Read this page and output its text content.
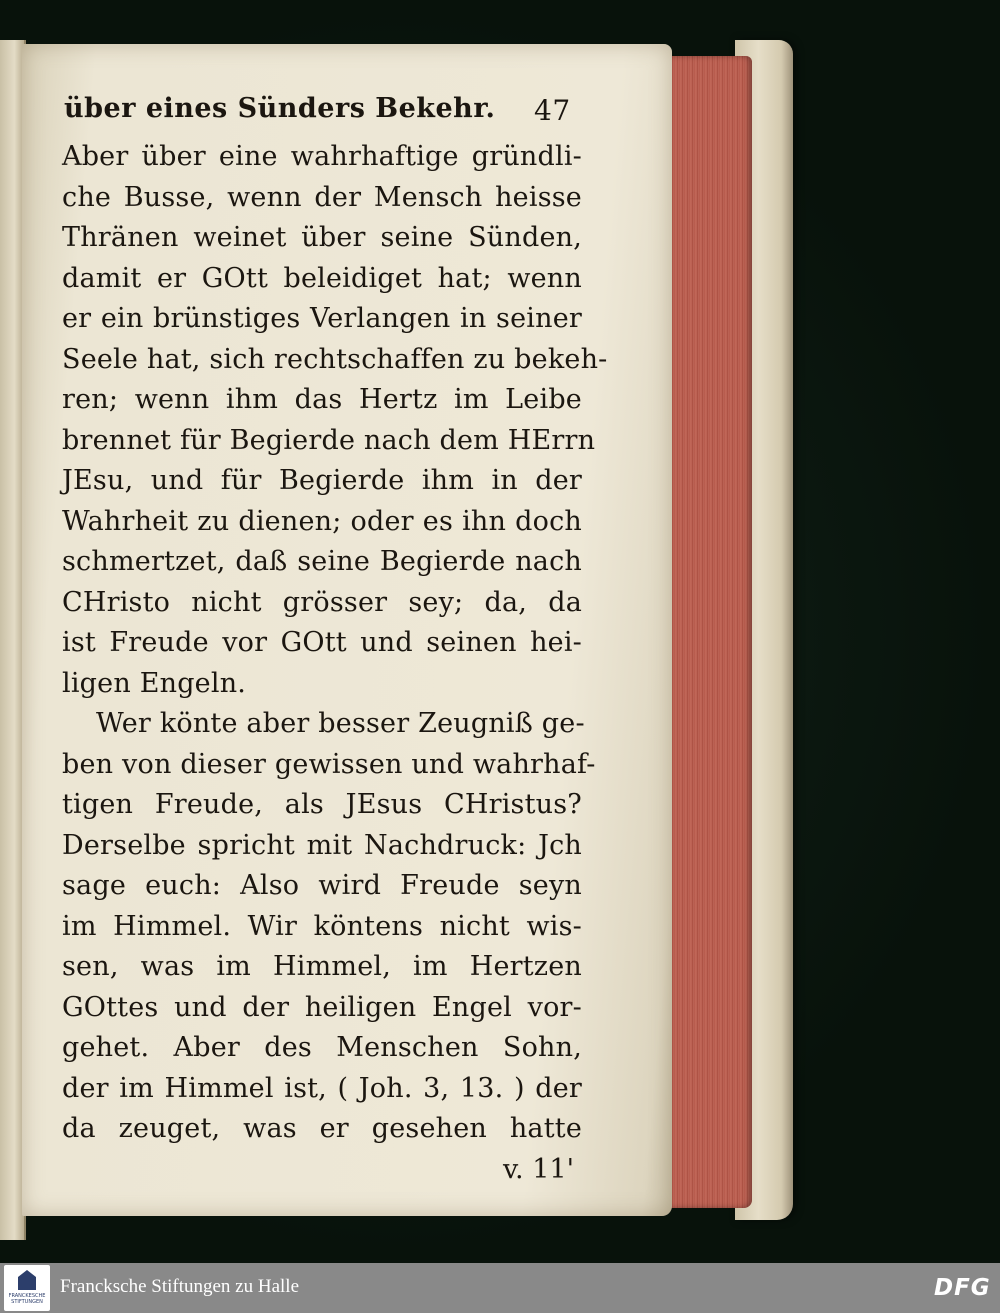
über eines Sünders Bekehr. 47
Aber über eine wahrhaftige gründli-
che Busse, wenn der Mensch heisse
Thränen weinet über seine Sünden,
damit er GOtt beleidiget hat; wenn
er ein brünstiges Verlangen in seiner
Seele hat, sich rechtschaffen zu bekeh-
ren; wenn ihm das Hertz im Leibe
brennet für Begierde nach dem HErrn
JEsu, und für Begierde ihm in der
Wahrheit zu dienen; oder es ihn doch
schmertzet, daß seine Begierde nach
CHristo nicht grösser sey; da, da
ist Freude vor GOtt und seinen hei-
ligen Engeln.
Wer könte aber besser Zeugniß ge-
ben von dieser gewissen und wahrhaf-
tigen Freude, als JEsus CHristus?
Derselbe spricht mit Nachdruck: Jch
sage euch: Also wird Freude seyn
im Himmel. Wir köntens nicht wis-
sen, was im Himmel, im Hertzen
GOttes und der heiligen Engel vor-
gehet. Aber des Menschen Sohn,
der im Himmel ist, ( Joh. 3, 13. ) der
da zeuget, was er gesehen hatte
v. 11'
FRANCKESCHE STIFTUNGEN
Francksche Stiftungen zu Halle	DFG
